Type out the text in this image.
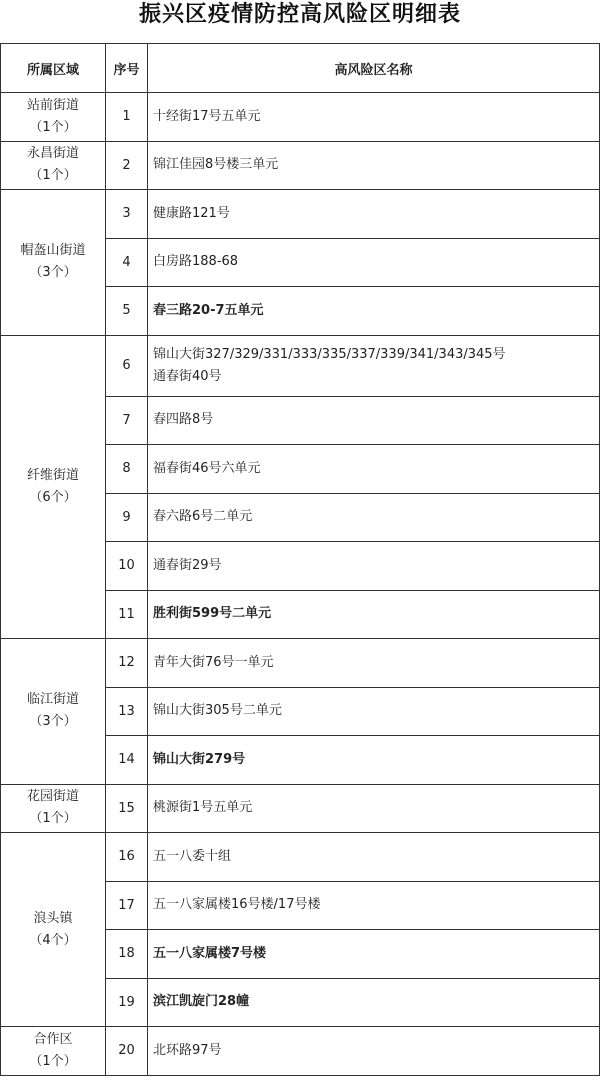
振兴区疫情防控高风险区明细表
所属区域	序号	高风险区名称

站前街道
（1个）	1	十经街17号五单元

永昌街道
（1个）	2	锦江佳园8号楼三单元

帽盔山街道
（3个）	3	健康路121号
	4	白房路188-68
	5	春三路20-7五单元

纤维街道
（6个）	6	锦山大街327/329/331/333/335/337/339/341/343/345号
通春街40号

	7	春四路8号
	8	福春街46号六单元
	9	春六路6号二单元
	10	通春街29号
	11	胜利街599号二单元

临江街道
（3个）	12	青年大街76号一单元
	13	锦山大街305号二单元
	14	锦山大街279号

花园街道
（1个）	15	桃源街1号五单元

浪头镇
（4个）	16	五一八委十组
	17	五一八家属楼16号楼/17号楼
	18	五一八家属楼7号楼
	19	滨江凯旋门28幢

合作区
（1个）	20	北环路97号
